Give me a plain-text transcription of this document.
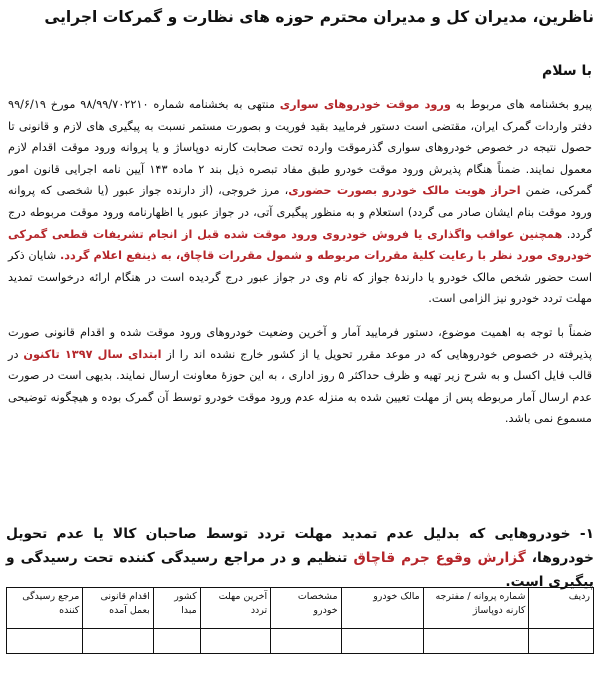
ناظرین، مدیران کل و مدیران محترم حوزه های نظارت و گمرکات اجرایی
با سلام

پیرو بخشنامه های مربوط به ورود موقت خودروهای سواری منتهی به بخشنامه شماره ۹۸/۹۹/۷۰۲۲۱۰ مورخ ۹۹/۶/۱۹ دفتر واردات گمرک ایران، مقتضی است دستور فرمایید بقید فوریت و بصورت مستمر نسبت به پیگیری های لازم و قانونی تا حصول نتیجه در خصوص خودروهای سواری گذرموقت وارده تحت صحابت کارنه دوپاساژ و یا پروانه ورود موقت اقدام لازم معمول نمایند. ضمناً هنگام پذیرش ورود موقت خودرو طبق مفاد تبصره ذیل بند ۲ ماده ۱۴۳ آیین نامه اجرایی قانون امور گمرکی، ضمن احراز هویت مالک خودرو بصورت حضوری، مرز خروجی، (از دارنده جواز عبور (یا شخصی که پروانه ورود موقت بنام ایشان صادر می گردد) استعلام و به منظور پیگیری آتی، در جواز عبور یا اظهارنامه ورود موقت مربوطه درج گردد. همچنین عواقب واگذاری یا فروش خودروی ورود موقت شده قبل از انجام تشریفات قطعی گمرکی خودروی مورد نظر با رعایت کلیهٔ مقررات مربوطه و شمول مقررات قاچاق، به ذینفع اعلام گردد. شایان ذکر است حضور شخص مالک خودرو یا دارندهٔ جواز که نام وی در جواز عبور درج گردیده است در هنگام ارائه درخواست تمدید مهلت تردد خودرو نیز الزامی است.

ضمناً با توجه به اهمیت موضوع، دستور فرمایید آمار و آخرین وضعیت خودروهای ورود موقت شده و اقدام قانونی صورت پذیرفته در خصوص خودروهایی که در موعد مقرر تحویل یا از کشور خارج نشده اند را از ابتدای سال ۱۳۹۷ تاکنون در قالب فایل اکسل و به شرح زیر تهیه و ظرف حداکثر ۵ روز اداری ، به این حوزهٔ معاونت ارسال نمایند. بدیهی است در صورت عدم ارسال آمار مربوطه پس از مهلت تعیین شده به منزله عدم ورود موقت خودرو توسط آن گمرک بوده و هیچگونه توضیحی مسموع نمی باشد.

۱- خودروهایی که بدلیل عدم تمدید مهلت تردد توسط صاحبان کالا یا عدم تحویل خودروها، گزارش وقوع جرم قاچاق تنظیم و در مراجع رسیدگی کننده تحت رسیدگی و پیگیری است.
ردیف	شماره پروانه / مفترجه کارنه دوپاساژ	مالک خودرو	مشخصات خودرو	آخرین مهلت تردد	کشور مبدا	اقدام قانونی بعمل آمده	مرجع رسیدگی کننده
